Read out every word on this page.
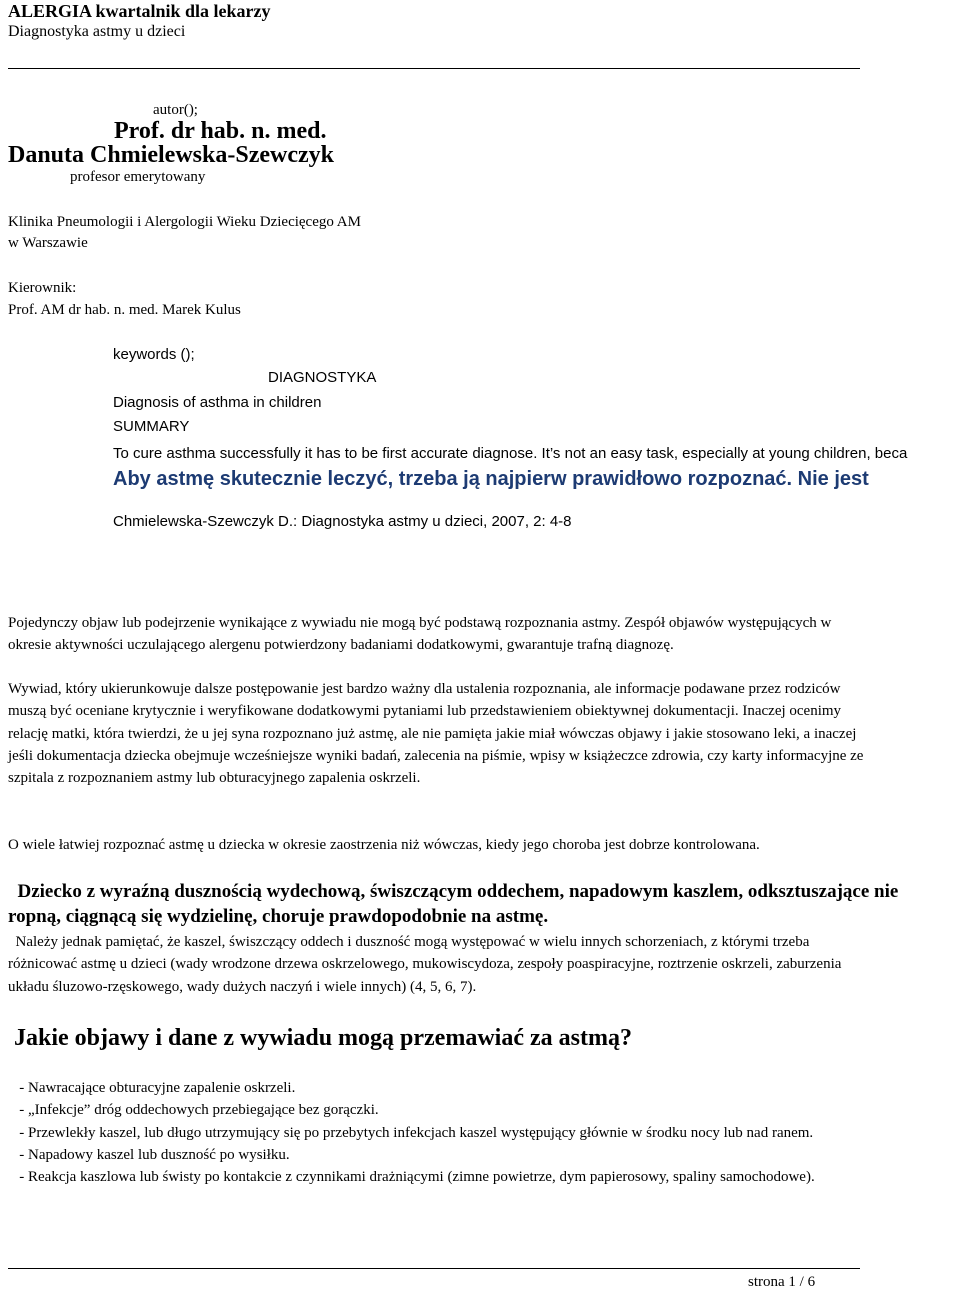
ALERGIA kwartalnik dla lekarzy
Diagnostyka astmy u dzieci
autor();
Prof. dr hab. n. med.
Danuta Chmielewska-Szewczyk
profesor emerytowany
Klinika Pneumologii i Alergologii Wieku Dziecięcego AM
w Warszawie
Kierownik:
Prof. AM dr hab. n. med. Marek Kulus
keywords ();
DIAGNOSTYKA
Diagnosis of asthma in children
SUMMARY
To cure asthma successfully it has to be first accurate diagnose. It’s not an easy task, especially at young children, beca
Aby astmę skutecznie leczyć, trzeba ją najpierw prawidłowo rozpoznać. Nie jest
Chmielewska-Szewczyk D.: Diagnostyka astmy u dzieci, 2007, 2: 4-8
Pojedynczy objaw lub podejrzenie wynikające z wywiadu nie mogą być podstawą rozpoznania astmy. Zespół objawów występujących w okresie aktywności uczulającego alergenu potwierdzony badaniami dodatkowymi, gwarantuje trafną diagnozę.
Wywiad, który ukierunkowuje dalsze postępowanie jest bardzo ważny dla ustalenia rozpoznania, ale informacje podawane przez rodziców muszą być oceniane krytycznie i weryfikowane dodatkowymi pytaniami lub przedstawieniem obiektywnej dokumentacji. Inaczej ocenimy relację matki, która twierdzi, że u jej syna rozpoznano już astmę, ale nie pamięta jakie miał wówczas objawy i jakie stosowano leki, a inaczej jeśli dokumentacja dziecka obejmuje wcześniejsze wyniki badań, zalecenia na piśmie, wpisy w książeczce zdrowia, czy karty informacyjne ze szpitala z rozpoznaniem astmy lub obturacyjnego zapalenia oskrzeli.
O wiele łatwiej rozpoznać astmę u dziecka w okresie zaostrzenia niż wówczas, kiedy jego choroba jest dobrze kontrolowana.
Dziecko z wyraźną dusznością wydechową, świszczącym oddechem, napadowym kaszlem, odksztuszające nie ropną, ciągnącą się wydzielinę, choruje prawdopodobnie na astmę.
Należy jednak pamiętać, że kaszel, świszczący oddech i duszność mogą występować w wielu innych schorzeniach, z którymi trzeba różnicować astmę u dzieci (wady wrodzone drzewa oskrzelowego, mukowiscydoza, zespoły poaspiracyjne, roztrzenie oskrzeli, zaburzenia układu śluzowo-rzęskowego, wady dużych naczyń i wiele innych) (4, 5, 6, 7).
Jakie objawy i dane z wywiadu mogą przemawiać za astmą?
- Nawracające obturacyjne zapalenie oskrzeli.
- „Infekcje” dróg oddechowych przebiegające bez gorączki.
- Przewlekły kaszel, lub długo utrzymujący się po przebytych infekcjach kaszel występujący głównie w środku nocy lub nad ranem.
- Napadowy kaszel lub duszność po wysiłku.
- Reakcja kaszlowa lub świsty po kontakcie z czynnikami drażniącymi (zimne powietrze, dym papierosowy, spaliny samochodowe).
strona 1 / 6
